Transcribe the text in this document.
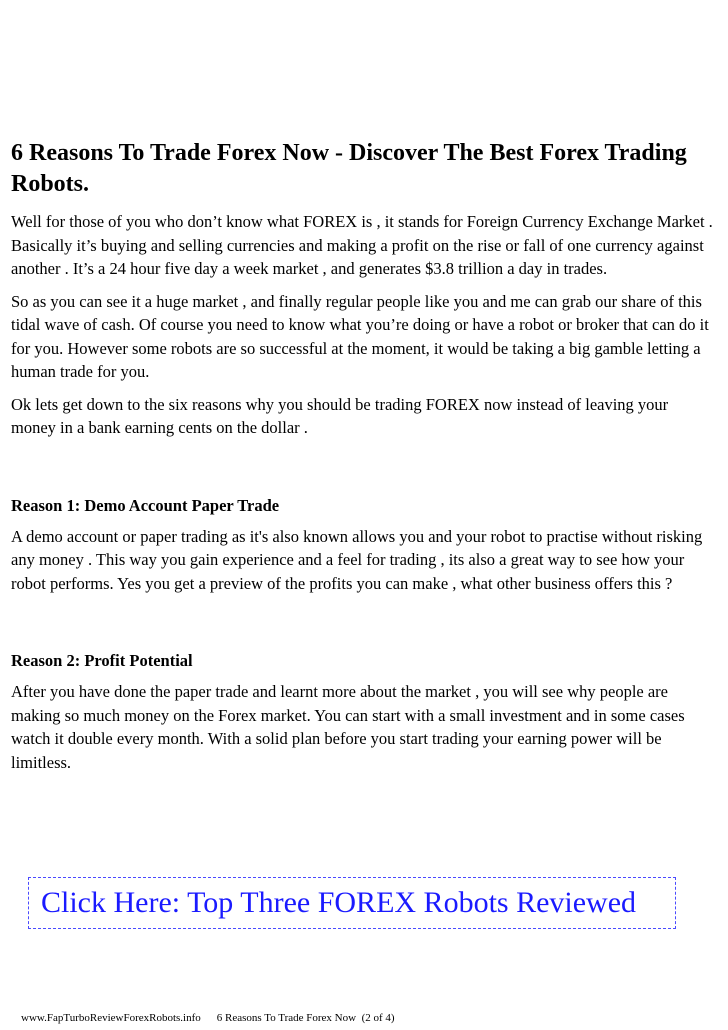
6 Reasons To Trade Forex Now - Discover The Best Forex Trading Robots.

Well for those of you who don’t know what FOREX is , it stands for Foreign Currency Exchange Market . Basically it’s buying and selling currencies and making a profit on the rise or fall of one currency against another . It’s a 24 hour five day a week market , and generates $3.8 trillion a day in trades.

So as you can see it a huge market , and finally regular people like you and me can grab our share of this tidal wave of cash. Of course you need to know what you’re doing or have a robot or broker that can do it for you. However some robots are so successful at the moment, it would be taking a big gamble letting a human trade for you.

Ok lets get down to the six reasons why you should be trading FOREX now instead of leaving your money in a bank earning cents on the dollar .

Reason 1: Demo Account Paper Trade

A demo account or paper trading as it's also known allows you and your robot to practise without risking any money . This way you gain experience and a feel for trading , its also a great way to see how your robot performs. Yes you get a preview of the profits you can make , what other business offers this ?

Reason 2: Profit Potential

After you have done the paper trade and learnt more about the market , you will see why people are making so much money on the Forex market. You can start with a small investment and in some cases watch it double every month. With a solid plan before you start trading your earning power will be limitless.

Click Here: Top Three FOREX Robots Reviewed
www.FapTurboReviewForexRobots.info 6 Reasons To Trade Forex Now (2 of 4)
